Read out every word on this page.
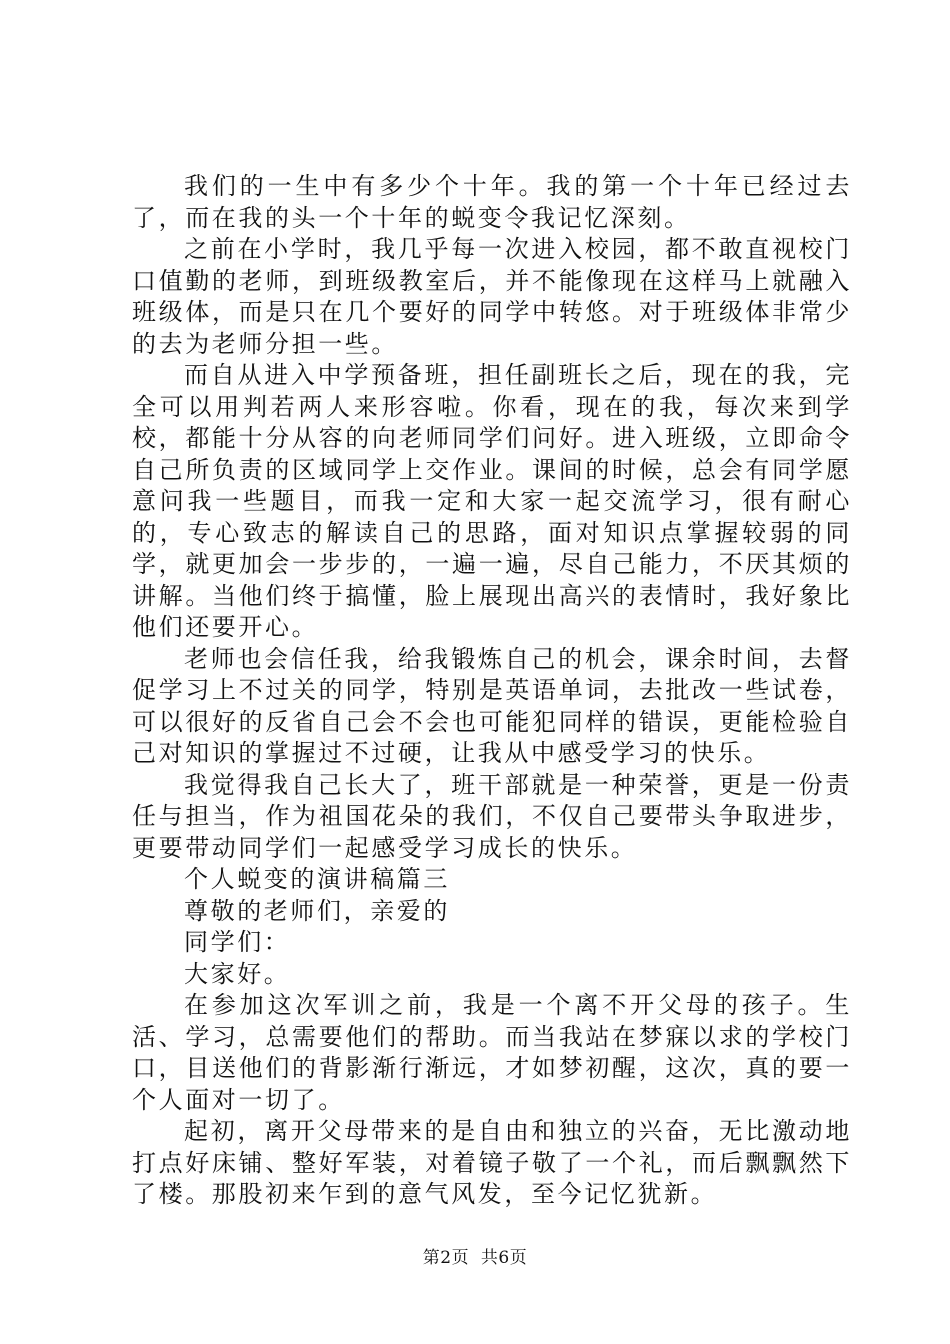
我们的一生中有多少个十年。我的第一个十年已经过去了，而在我的头一个十年的蜕变令我记忆深刻。

之前在小学时，我几乎每一次进入校园，都不敢直视校门口值勤的老师，到班级教室后，并不能像现在这样马上就融入班级体，而是只在几个要好的同学中转悠。对于班级体非常少的去为老师分担一些。

而自从进入中学预备班，担任副班长之后，现在的我，完全可以用判若两人来形容啦。你看，现在的我，每次来到学校，都能十分从容的向老师同学们问好。进入班级，立即命令自己所负责的区域同学上交作业。课间的时候，总会有同学愿意问我一些题目，而我一定和大家一起交流学习，很有耐心的，专心致志的解读自己的思路，面对知识点掌握较弱的同学，就更加会一步步的，一遍一遍，尽自己能力，不厌其烦的讲解。当他们终于搞懂，脸上展现出高兴的表情时，我好象比他们还要开心。

老师也会信任我，给我锻炼自己的机会，课余时间，去督促学习上不过关的同学，特别是英语单词，去批改一些试卷，可以很好的反省自己会不会也可能犯同样的错误，更能检验自己对知识的掌握过不过硬，让我从中感受学习的快乐。

我觉得我自己长大了，班干部就是一种荣誉，更是一份责任与担当，作为祖国花朵的我们，不仅自己要带头争取进步，更要带动同学们一起感受学习成长的快乐。

个人蜕变的演讲稿篇三

尊敬的老师们，亲爱的

同学们：

大家好。

在参加这次军训之前，我是一个离不开父母的孩子。生活、学习，总需要他们的帮助。而当我站在梦寐以求的学校门口，目送他们的背影渐行渐远，才如梦初醒，这次，真的要一个人面对一切了。

起初，离开父母带来的是自由和独立的兴奋，无比激动地打点好床铺、整好军装，对着镜子敬了一个礼，而后飘飘然下了楼。那股初来乍到的意气风发，至今记忆犹新。

第2页 共6页
